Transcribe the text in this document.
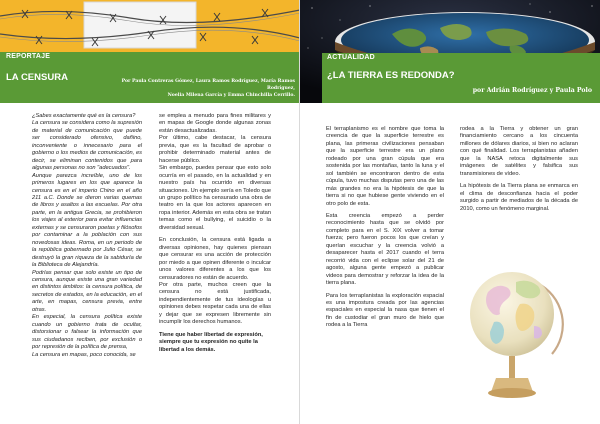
REPORTAJE
LA CENSURA	Por Paula Contreras Gómez, Laura Ramos Rodríguez, María Ramos Rodríguez,
Noelia Milena García y Emma Chinchilla Cerrillo.

¿Sabes exactamente qué es la censura?

La censura se considera como la supresión de material de comunicación que puede ser considerado ofensivo, dañino, inconveniente o innecesario para el gobierno o los medios de comunicación, es decir, se eliminan contenidos que para algunas personas no son "adecuados".

Aunque parezca increíble, uno de los primeros lugares en los que aparece la censura es en el imperio Chino en el año 211 a.C. Donde se dieron varias quemas de libros y asaltos a las escuelas. Por otra parte, en la antigua Grecia, se prohibieron los viajes al exterior para evitar influencias externas y se censuraron poetas y filósofos por contaminar a la población con sus novedosas ideas. Roma, en un periodo de la república gobernado por Julio César, se destruyó la gran riqueza de la sabiduría de la Biblioteca de Alejandría.

Podrías pensar que solo existe un tipo de censura, aunque existe una gran variedad en distintos ámbitos: la censura política, de secretos de estados, en la educación, en el arte, en mapas, censura previa, entre otras.

En especial, la censura política existe cuando un gobierno trata de ocultar, distorsionar o falsear la información que sus ciudadanos reciben, por exclusión o por represión de la política de prensa,

La censura en mapas, poco conocida, se

se emplea a menudo para fines militares y en mapas de Google donde algunas zonas están desactualizadas.

Por último, cabe destacar, la censura previa, que es la facultad de aprobar o prohibir determinado material antes de hacerse público.

Sin embargo, puedes pensar que esto solo ocurría en el pasado, en la actualidad y en nuestro país ha ocurrido en diversas situaciones. Un ejemplo sería en Toledo que un grupo político ha censurado una obra de teatro en la que los actores aparecen en ropa interior. Además en esta obra se tratan temas como el bullying, el suicidio o la diversidad sexual.

En conclusión, la censura está ligada a diversas opiniones, hay quienes piensan que censurar es una acción de protección por miedo a que opinen diferente o inculcar unos valores diferentes a los que los censuradores no están de acuerdo.

Por otra parte, muchos creen que la censura no está justificada, independientemente de tus ideologías u opiniones debes respetar cada una de ellas y dejar que se expresen libremente sin incumplir los derechos humanos.

Tiene que haber libertad de expresión, siempre que tu expresión no quite la libertad a los demás.

ACTUALIDAD
¿LA TIERRA ES REDONDA?
por Adrián Rodríguez y Paula Polo

El terraplanismo es el nombre que toma la creencia de que la superficie terrestre es plana, las primeras civilizaciones pensaban que la superficie terrestre era un plano rodeado por una gran cúpula que era sostenida por las montañas, tanto la luna y el sol también se encontraron dentro de esta cúpula, tuvo muchas disputas pero una de las más grandes no era la hipótesis de que la tierra si no que hubiese gente viviendo en el otro polo de esta.

Esta creencia empezó a perder reconocimiento hasta que se olvidó por completo para en el S. XIX volver a tomar fuerza; pero fueron pocos los que creían y querían escuchar y la creencia volvió a desaparecer hasta el 2017 cuando el terra recorrió vida con el eclipse solar del 21 de agosto, alguna gente empezó a publicar videos para demostrar y reforzar la idea de la tierra plana.

Para los terraplanistas la exploración espacial es una impostura creada por las agencias espaciales en especial la nasa que tienen el fin de custodiar el gran muro de hielo que rodea a la Tierra

rodea a la Tierra y obtener un gran financiamiento cercano a los cincuenta millones de dólares diarios, si bien no aclaran con qué finalidad. Los terraplanistas añaden que la NASA retoca digitalmente sus imágenes de satélites y falsifica sus transmisiones de vídeo.

La hipótesis de la Tierra plana se enmarca en el clima de desconfianza hacia el poder surgido a partir de mediados de la década de 2010, como un fenómeno marginal.
